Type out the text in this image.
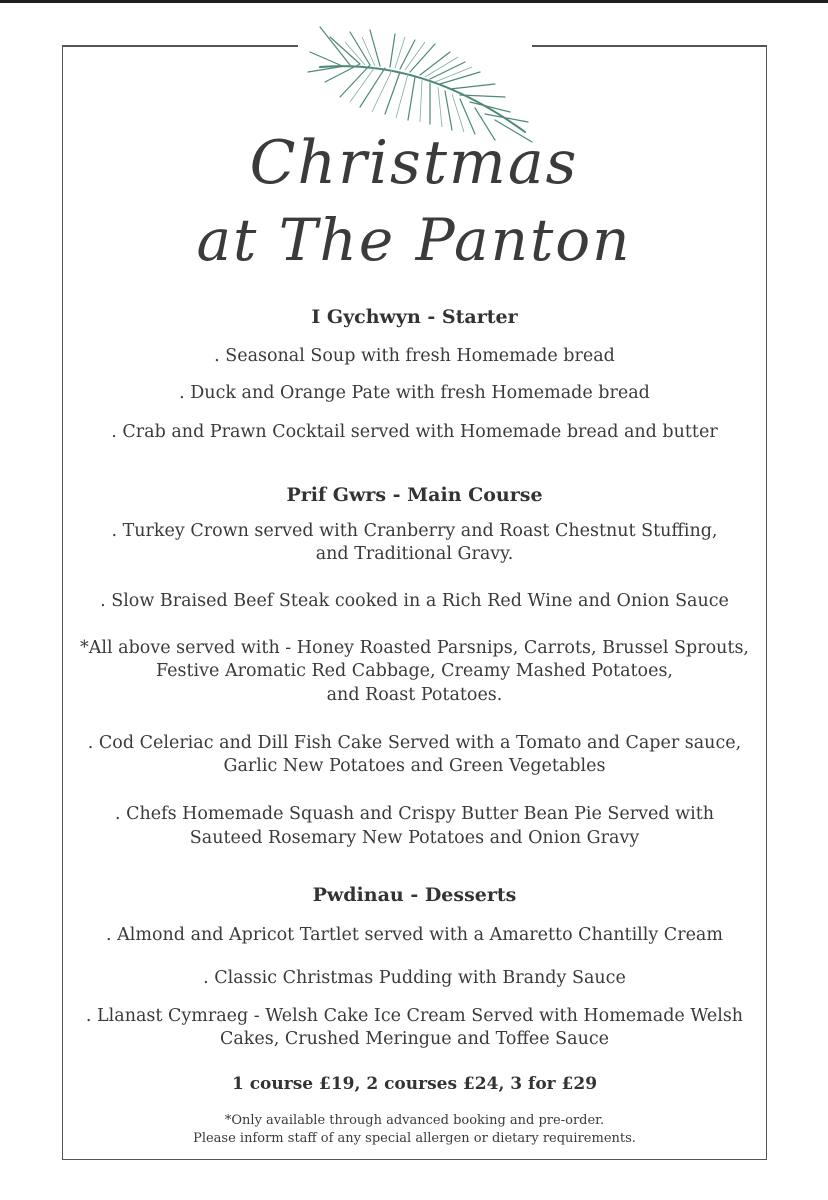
Christmas
at The Panton
I Gychwyn - Starter
. Seasonal Soup with fresh Homemade bread
. Duck and Orange Pate with fresh Homemade bread
. Crab and Prawn Cocktail served with Homemade bread and butter
Prif Gwrs - Main Course
. Turkey Crown served with Cranberry and Roast Chestnut Stuffing,
and Traditional Gravy.
. Slow Braised Beef Steak cooked in a Rich Red Wine and Onion Sauce
*All above served with - Honey Roasted Parsnips, Carrots, Brussel Sprouts,
Festive Aromatic Red Cabbage, Creamy Mashed Potatoes,
and Roast Potatoes.
. Cod Celeriac and Dill Fish Cake Served with a Tomato and Caper sauce,
Garlic New Potatoes and Green Vegetables
. Chefs Homemade Squash and Crispy Butter Bean Pie Served with
Sauteed Rosemary New Potatoes and Onion Gravy
Pwdinau - Desserts
. Almond and Apricot Tartlet served with a Amaretto Chantilly Cream
. Classic Christmas Pudding with Brandy Sauce
. Llanast Cymraeg - Welsh Cake Ice Cream Served with Homemade Welsh
Cakes, Crushed Meringue and Toffee Sauce
1 course £19, 2 courses £24, 3 for £29
*Only available through advanced booking and pre-order.
Please inform staff of any special allergen or dietary requirements.
